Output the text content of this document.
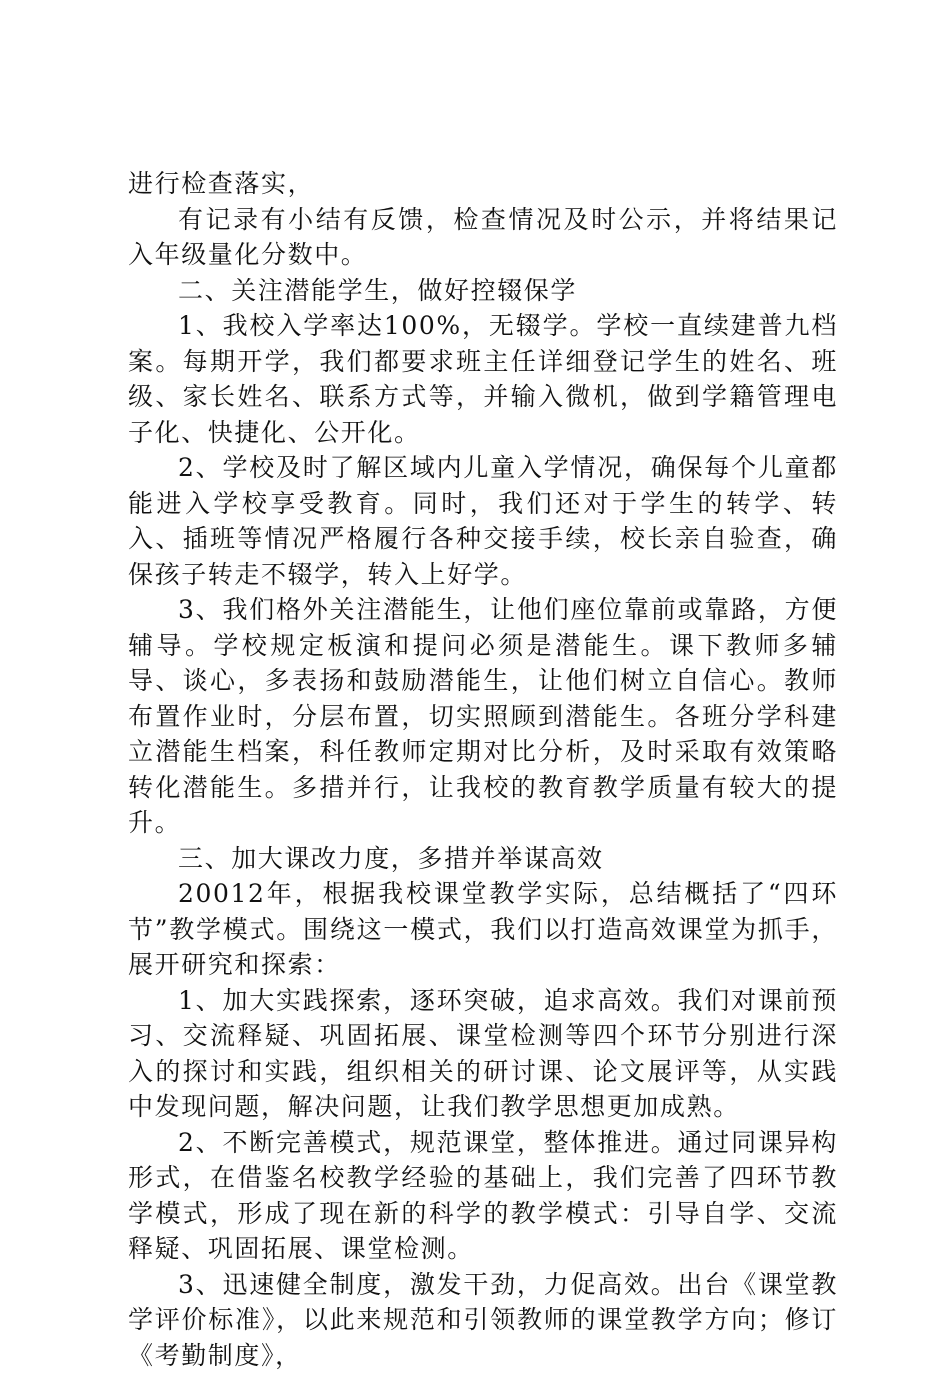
进行检查落实，

有记录有小结有反馈，检查情况及时公示，并将结果记入年级量化分数中。

二、关注潜能学生，做好控辍保学

1、我校入学率达100%，无辍学。学校一直续建普九档案。每期开学，我们都要求班主任详细登记学生的姓名、班级、家长姓名、联系方式等，并输入微机，做到学籍管理电子化、快捷化、公开化。

2、学校及时了解区域内儿童入学情况，确保每个儿童都能进入学校享受教育。同时，我们还对于学生的转学、转入、插班等情况严格履行各种交接手续，校长亲自验查，确保孩子转走不辍学，转入上好学。

3、我们格外关注潜能生，让他们座位靠前或靠路，方便辅导。学校规定板演和提问必须是潜能生。课下教师多辅导、谈心，多表扬和鼓励潜能生，让他们树立自信心。教师布置作业时，分层布置，切实照顾到潜能生。各班分学科建立潜能生档案，科任教师定期对比分析，及时采取有效策略转化潜能生。多措并行，让我校的教育教学质量有较大的提升。

三、加大课改力度，多措并举谋高效

20012年，根据我校课堂教学实际，总结概括了“四环节”教学模式。围绕这一模式，我们以打造高效课堂为抓手，展开研究和探索：

1、加大实践探索，逐环突破，追求高效。我们对课前预习、交流释疑、巩固拓展、课堂检测等四个环节分别进行深入的探讨和实践，组织相关的研讨课、论文展评等，从实践中发现问题，解决问题，让我们教学思想更加成熟。

2、不断完善模式，规范课堂，整体推进。通过同课异构形式，在借鉴名校教学经验的基础上，我们完善了四环节教学模式，形成了现在新的科学的教学模式：引导自学、交流释疑、巩固拓展、课堂检测。

3、迅速健全制度，激发干劲，力促高效。出台《课堂教学评价标准》，以此来规范和引领教师的课堂教学方向；修订《考勤制度》，
